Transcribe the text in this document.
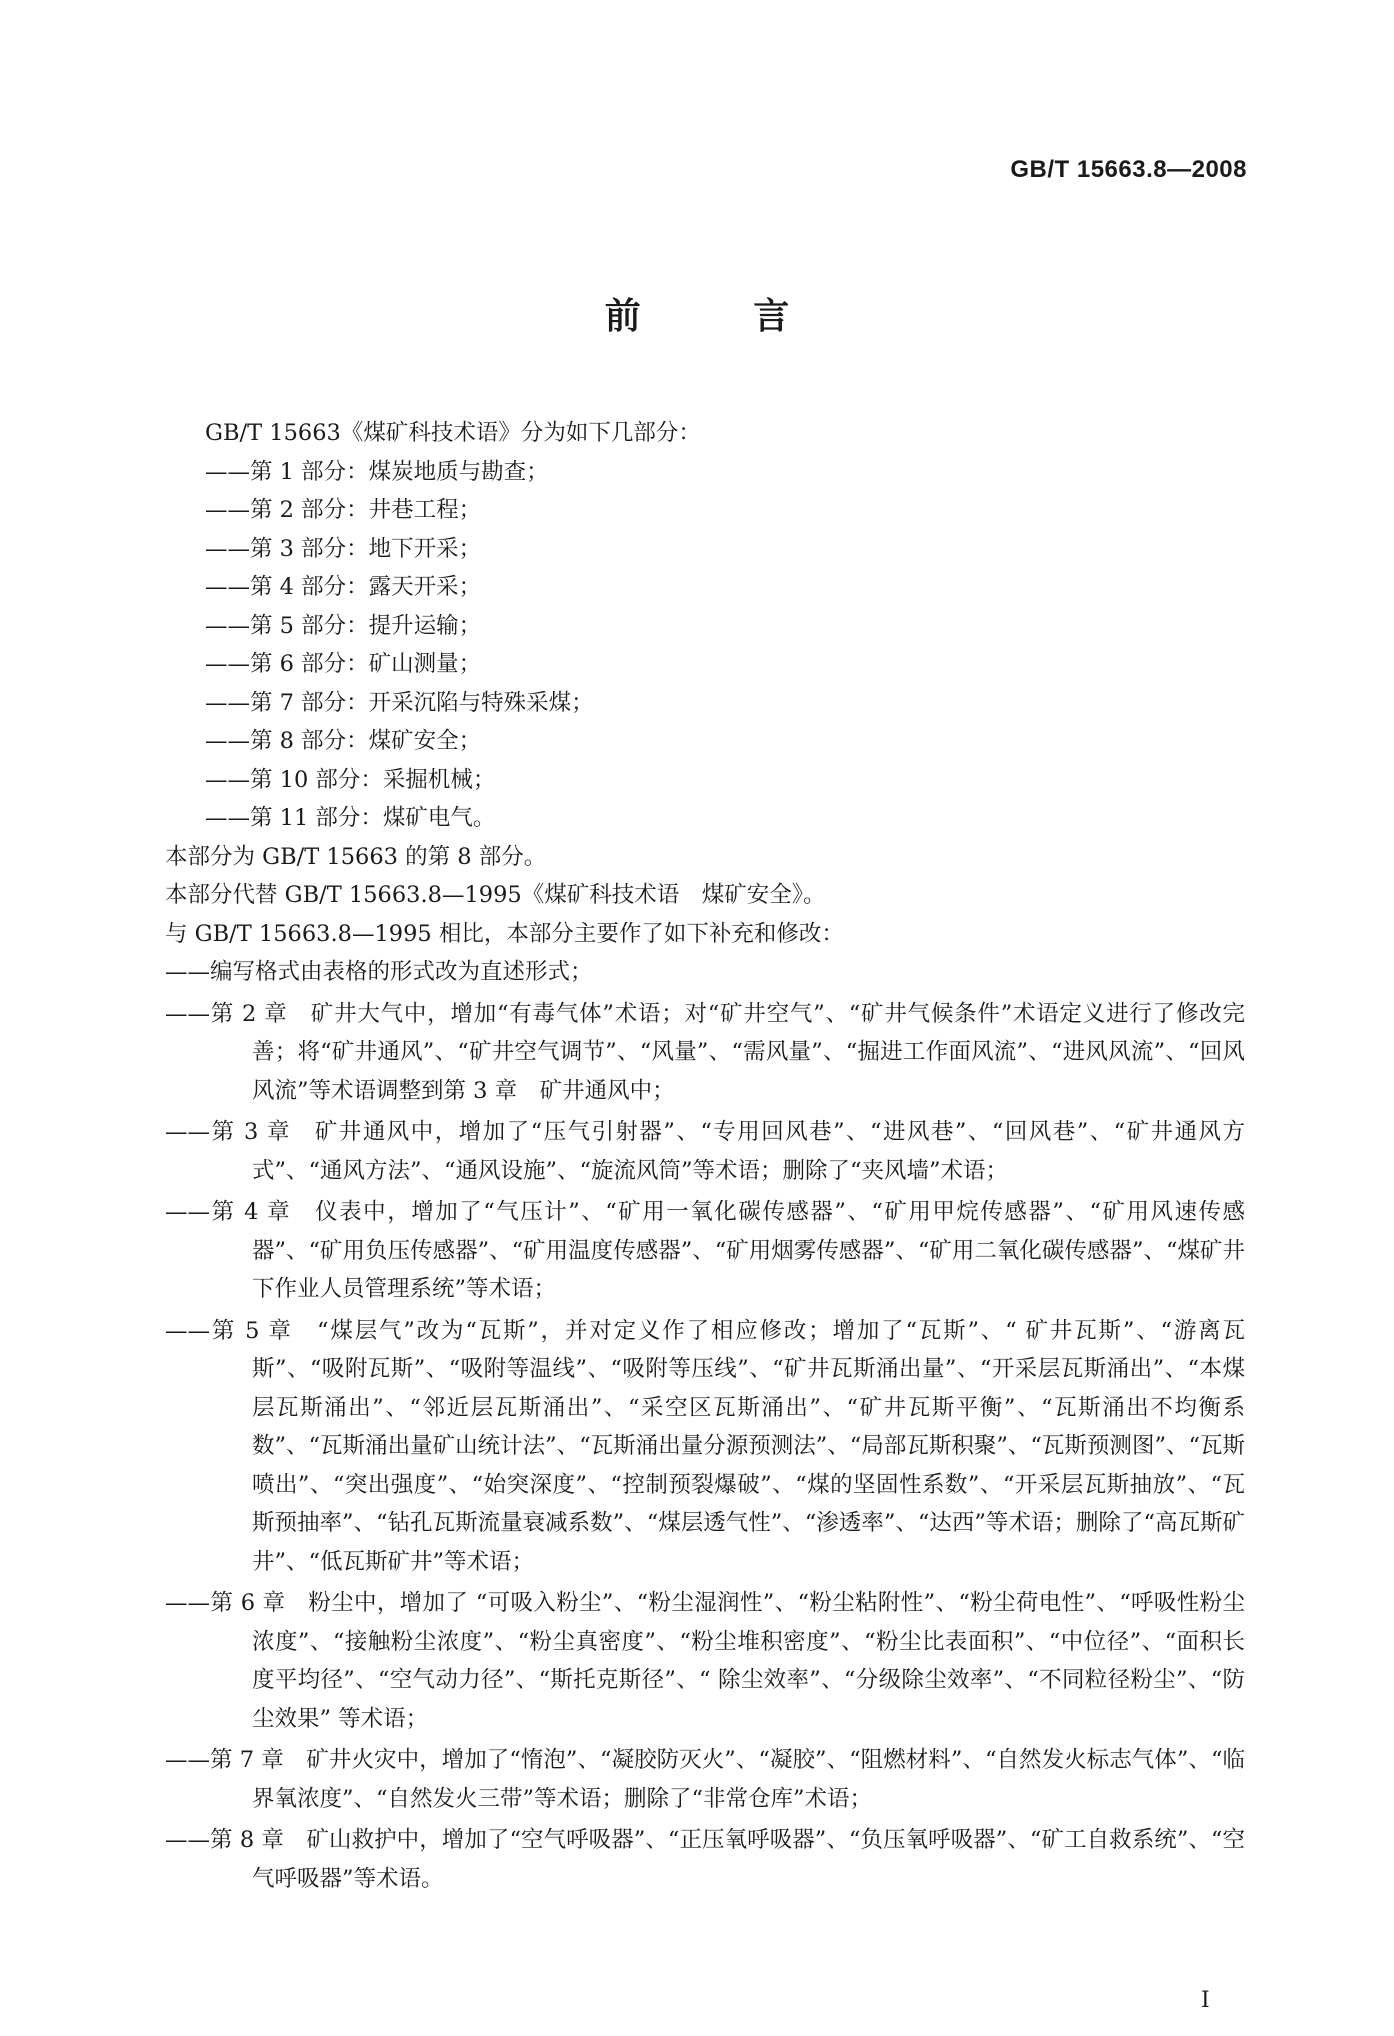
GB/T 15663.8—2008
前 言

GB/T 15663《煤矿科技术语》分为如下几部分：

——第 1 部分：煤炭地质与勘查；

——第 2 部分：井巷工程；

——第 3 部分：地下开采；

——第 4 部分：露天开采；

——第 5 部分：提升运输；

——第 6 部分：矿山测量；

——第 7 部分：开采沉陷与特殊采煤；

——第 8 部分：煤矿安全；

——第 10 部分：采掘机械；

——第 11 部分：煤矿电气。

本部分为 GB/T 15663 的第 8 部分。

本部分代替 GB/T 15663.8—1995《煤矿科技术语　煤矿安全》。

与 GB/T 15663.8—1995 相比，本部分主要作了如下补充和修改：

——编写格式由表格的形式改为直述形式；

——第 2 章　矿井大气中，增加“有毒气体”术语；对“矿井空气”、“矿井气候条件”术语定义进行了修改完善；将“矿井通风”、“矿井空气调节”、“风量”、“需风量”、“掘进工作面风流”、“进风风流”、“回风风流”等术语调整到第 3 章　矿井通风中；

——第 3 章　矿井通风中，增加了“压气引射器”、“专用回风巷”、“进风巷”、“回风巷”、“矿井通风方式”、“通风方法”、“通风设施”、“旋流风筒”等术语；删除了“夹风墙”术语；

——第 4 章　仪表中，增加了“气压计”、“矿用一氧化碳传感器”、“矿用甲烷传感器”、“矿用风速传感器”、“矿用负压传感器”、“矿用温度传感器”、“矿用烟雾传感器”、“矿用二氧化碳传感器”、“煤矿井下作业人员管理系统”等术语；

——第 5 章　“煤层气”改为“瓦斯”，并对定义作了相应修改；增加了“瓦斯”、“ 矿井瓦斯”、“游离瓦斯”、“吸附瓦斯”、“吸附等温线”、“吸附等压线”、“矿井瓦斯涌出量”、“开采层瓦斯涌出”、“本煤层瓦斯涌出”、“邻近层瓦斯涌出”、“采空区瓦斯涌出”、“矿井瓦斯平衡”、“瓦斯涌出不均衡系数”、“瓦斯涌出量矿山统计法”、“瓦斯涌出量分源预测法”、“局部瓦斯积聚”、“瓦斯预测图”、“瓦斯喷出”、“突出强度”、“始突深度”、“控制预裂爆破”、“煤的坚固性系数”、“开采层瓦斯抽放”、“瓦斯预抽率”、“钻孔瓦斯流量衰减系数”、“煤层透气性”、“渗透率”、“达西”等术语；删除了“高瓦斯矿井”、“低瓦斯矿井”等术语；

——第 6 章　粉尘中，增加了 “可吸入粉尘”、“粉尘湿润性”、“粉尘粘附性”、“粉尘荷电性”、“呼吸性粉尘浓度”、“接触粉尘浓度”、“粉尘真密度”、“粉尘堆积密度”、“粉尘比表面积”、“中位径”、“面积长度平均径”、“空气动力径”、“斯托克斯径”、“ 除尘效率”、“分级除尘效率”、“不同粒径粉尘”、“防尘效果” 等术语；

——第 7 章　矿井火灾中，增加了“惰泡”、“凝胶防灭火”、“凝胶”、“阻燃材料”、“自然发火标志气体”、“临界氧浓度”、“自然发火三带”等术语；删除了“非常仓库”术语；

——第 8 章　矿山救护中，增加了“空气呼吸器”、“正压氧呼吸器”、“负压氧呼吸器”、“矿工自救系统”、“空气呼吸器”等术语。

I
